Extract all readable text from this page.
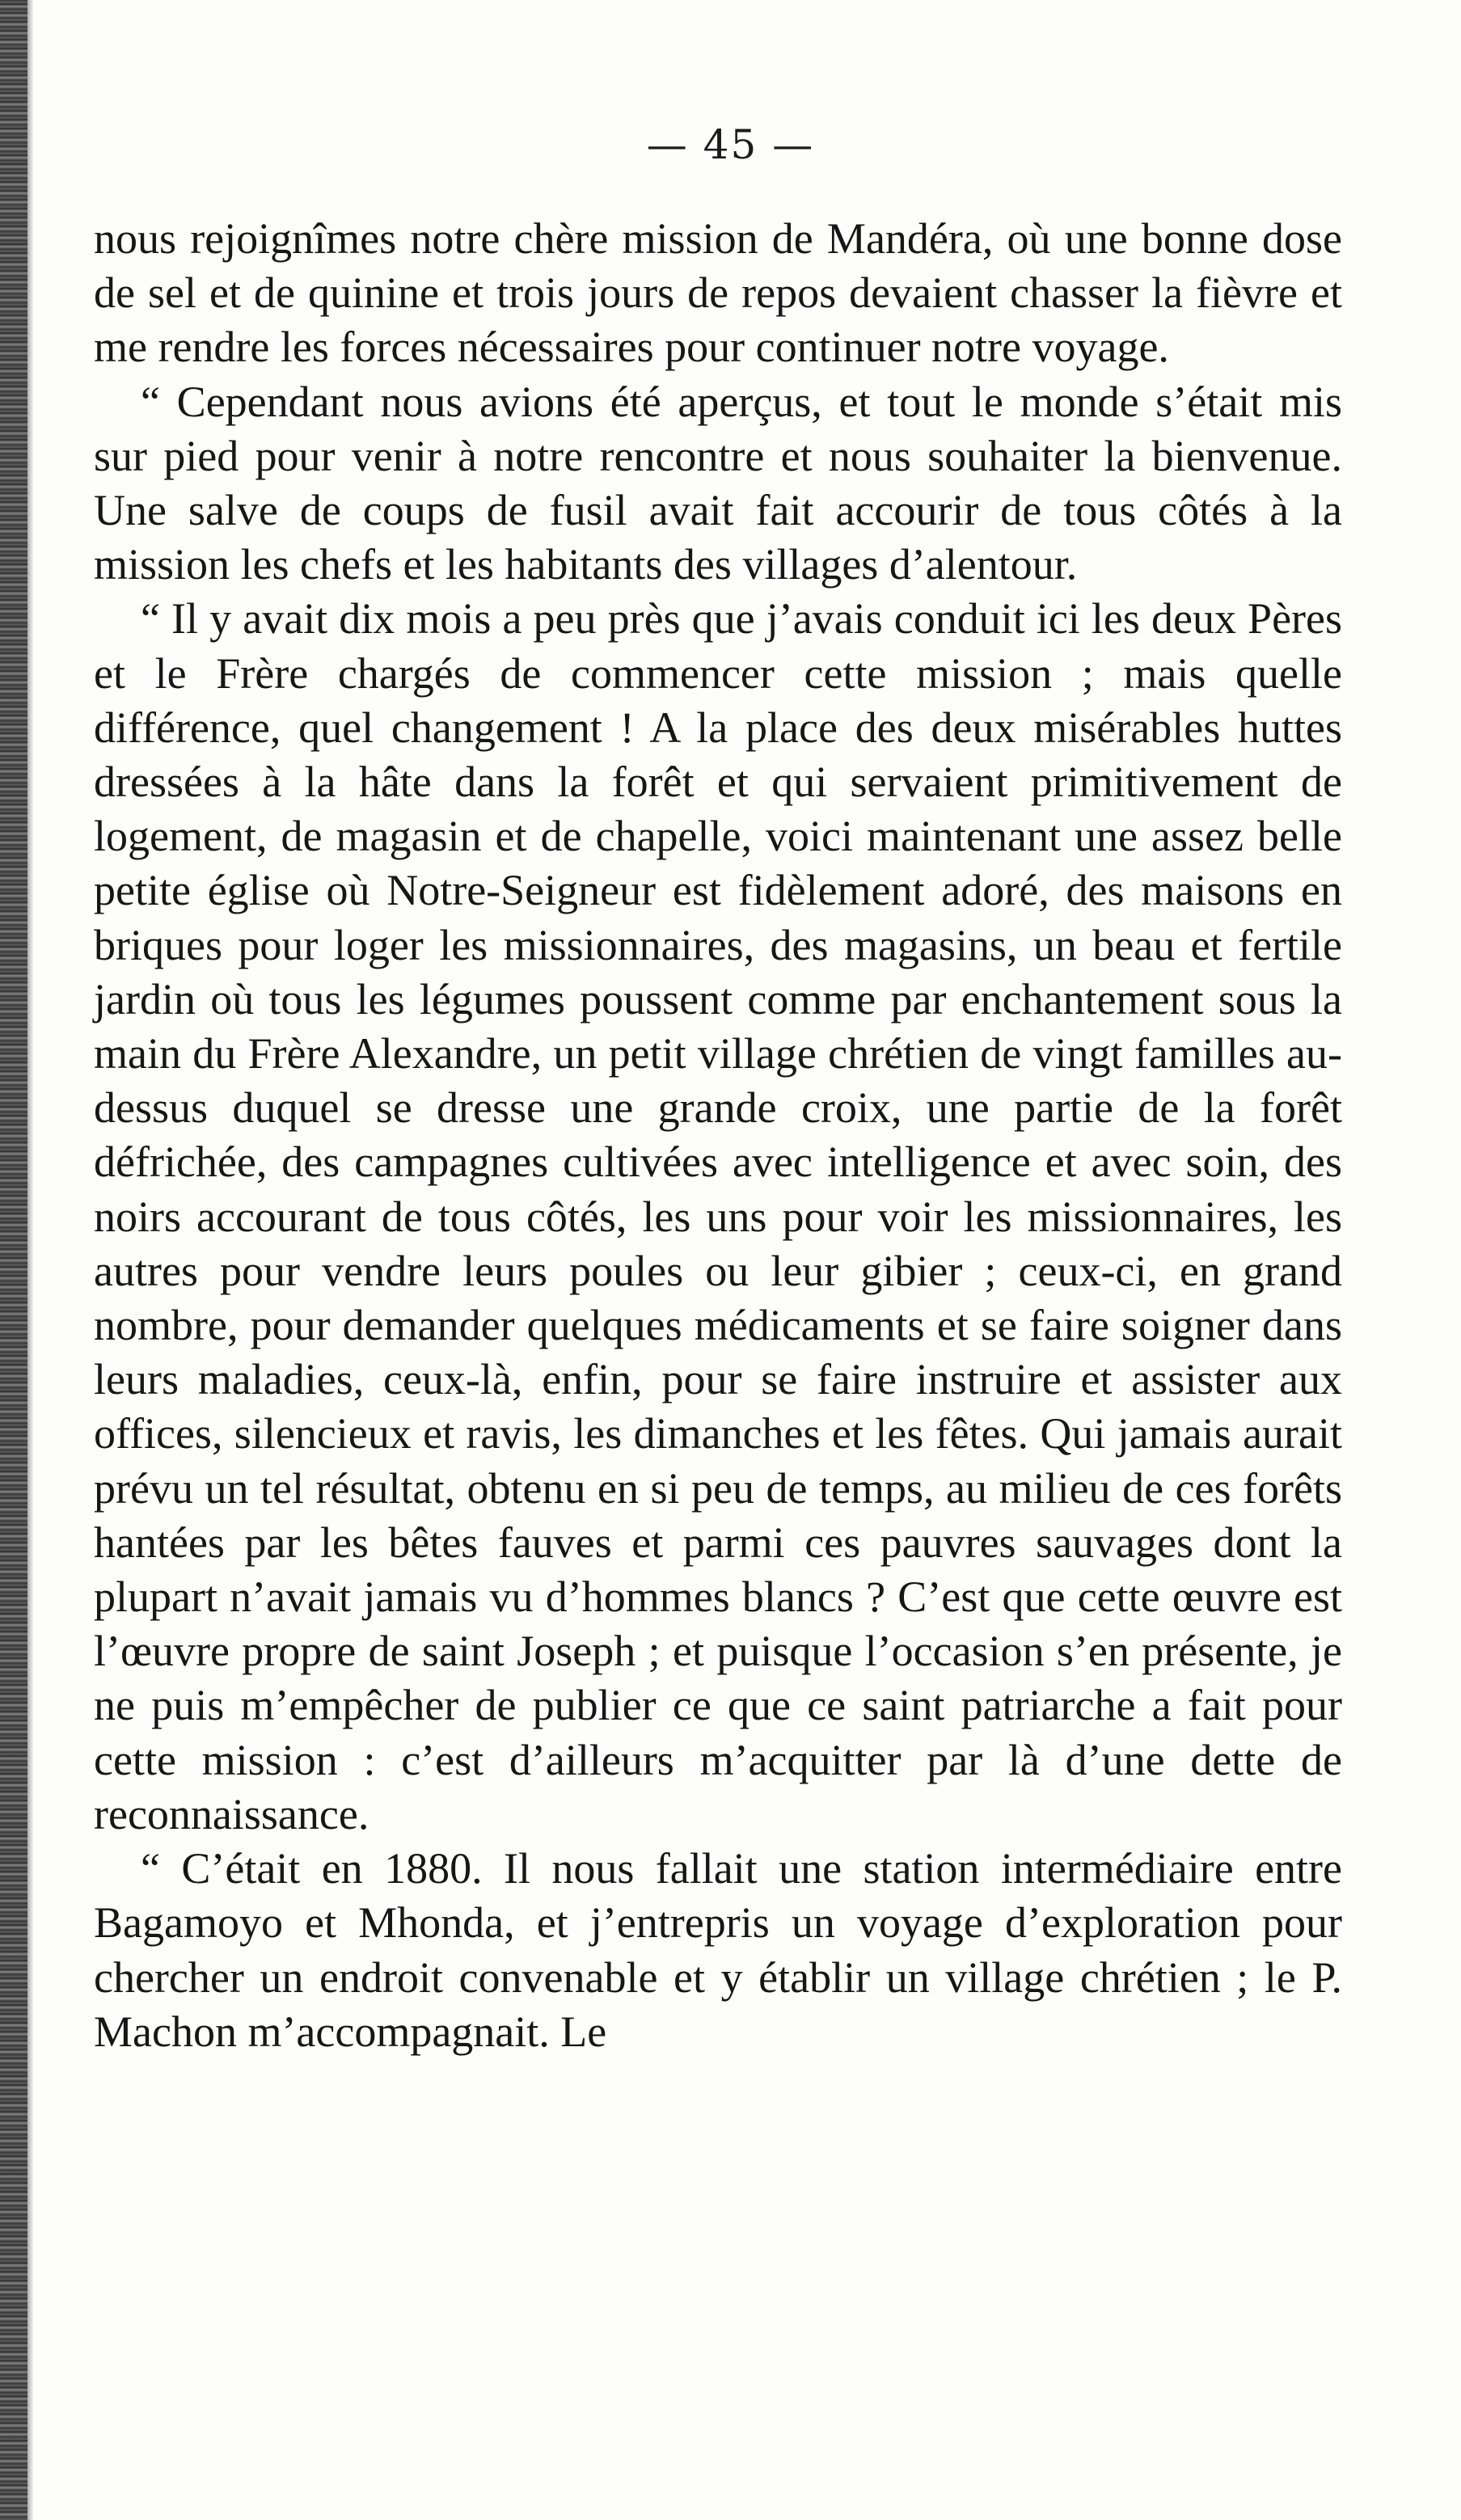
— 45 —

nous rejoignîmes notre chère mission de Mandéra, où une bonne dose de sel et de quinine et trois jours de repos devaient chasser la fièvre et me rendre les forces nécessaires pour continuer notre voyage.

“ Cependant nous avions été aperçus, et tout le monde s’était mis sur pied pour venir à notre rencontre et nous souhaiter la bienvenue. Une salve de coups de fusil avait fait accourir de tous côtés à la mission les chefs et les habitants des villages d’alentour.

“ Il y avait dix mois a peu près que j’avais conduit ici les deux Pères et le Frère chargés de commencer cette mission ; mais quelle différence, quel changement ! A la place des deux misérables huttes dressées à la hâte dans la forêt et qui servaient primitivement de logement, de magasin et de chapelle, voici maintenant une assez belle petite église où Notre-Seigneur est fidèlement adoré, des maisons en briques pour loger les missionnaires, des magasins, un beau et fertile jardin où tous les légumes poussent comme par enchantement sous la main du Frère Alexandre, un petit village chrétien de vingt familles au-dessus duquel se dresse une grande croix, une partie de la forêt défrichée, des campagnes cultivées avec intelligence et avec soin, des noirs accourant de tous côtés, les uns pour voir les missionnaires, les autres pour vendre leurs poules ou leur gibier ; ceux-ci, en grand nombre, pour demander quelques médicaments et se faire soigner dans leurs maladies, ceux-là, enfin, pour se faire instruire et assister aux offices, silencieux et ravis, les dimanches et les fêtes. Qui jamais aurait prévu un tel résultat, obtenu en si peu de temps, au milieu de ces forêts hantées par les bêtes fauves et parmi ces pauvres sauvages dont la plupart n’avait jamais vu d’hommes blancs ? C’est que cette œuvre est l’œuvre propre de saint Joseph ; et puisque l’occasion s’en présente, je ne puis m’empêcher de publier ce que ce saint patriarche a fait pour cette mission : c’est d’ailleurs m’acquitter par là d’une dette de reconnaissance.

“ C’était en 1880. Il nous fallait une station intermédiaire entre Bagamoyo et Mhonda, et j’entrepris un voyage d’exploration pour chercher un endroit convenable et y établir un village chrétien ; le P. Machon m’accompagnait. Le
